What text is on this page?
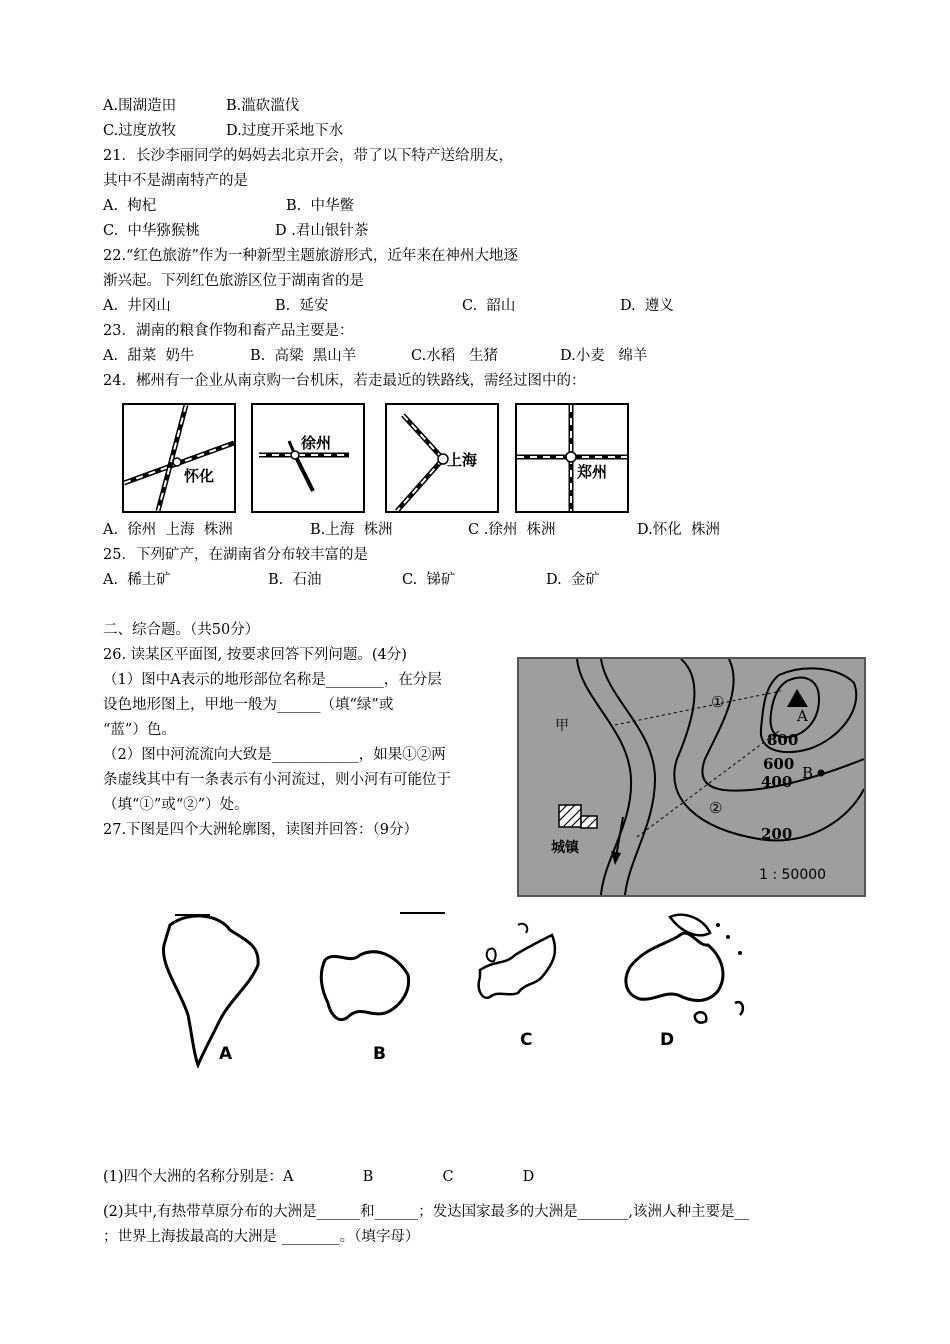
A.围湖造田	B.滥砍滥伐
C.过度放牧	D.过度开采地下水
21．长沙李丽同学的妈妈去北京开会，带了以下特产送给朋友，
其中不是湖南特产的是
A.  枸杞	B.  中华鳖
C.  中华猕猴桃	D .君山银针茶
22.“红色旅游”作为一种新型主题旅游形式，近年来在神州大地逐
渐兴起。下列红色旅游区位于湖南省的是
A.  井冈山	B.  延安	C.  韶山	D.  遵义
23．湖南的粮食作物和畜产品主要是：
A.  甜菜  奶牛	B.  高粱  黑山羊	C.水稻   生猪	D.小麦   绵羊
24．郴州有一企业从南京购一台机床，若走最近的铁路线，需经过图中的：
怀化
徐州
上海
郑州
A.  徐州  上海  株洲	B.上海  株洲	C .徐州  株洲	D.怀化  株洲
25．下列矿产，在湖南省分布较丰富的是
A.  稀土矿	B.  石油	C.  锑矿	D.  金矿
二、综合题。（共50分）
26. 读某区平面图, 按要求回答下列问题。(4分)
（1）图中A表示的地形部位名称是________，在分层
设色地形图上，甲地一般为______（填“绿”或
“蓝”）色。
（2）图中河流流向大致是____________，如果①②两
条虚线其中有一条表示有小河流过，则小河有可能位于
（填“①”或“②”）处。
甲
城镇
1 : 50000
①
②
A
B
800
600
400
200
27.下图是四个大洲轮廓图，读图并回答：（9分）
A	B
C	D
(1)四个大洲的名称分别是：A               B               C               D
(2)其中,有热带草原分布的大洲是______和______；发达国家最多的大洲是_______,该洲人种主要是__
；世界上海拔最高的大洲是 ________。（填字母）
